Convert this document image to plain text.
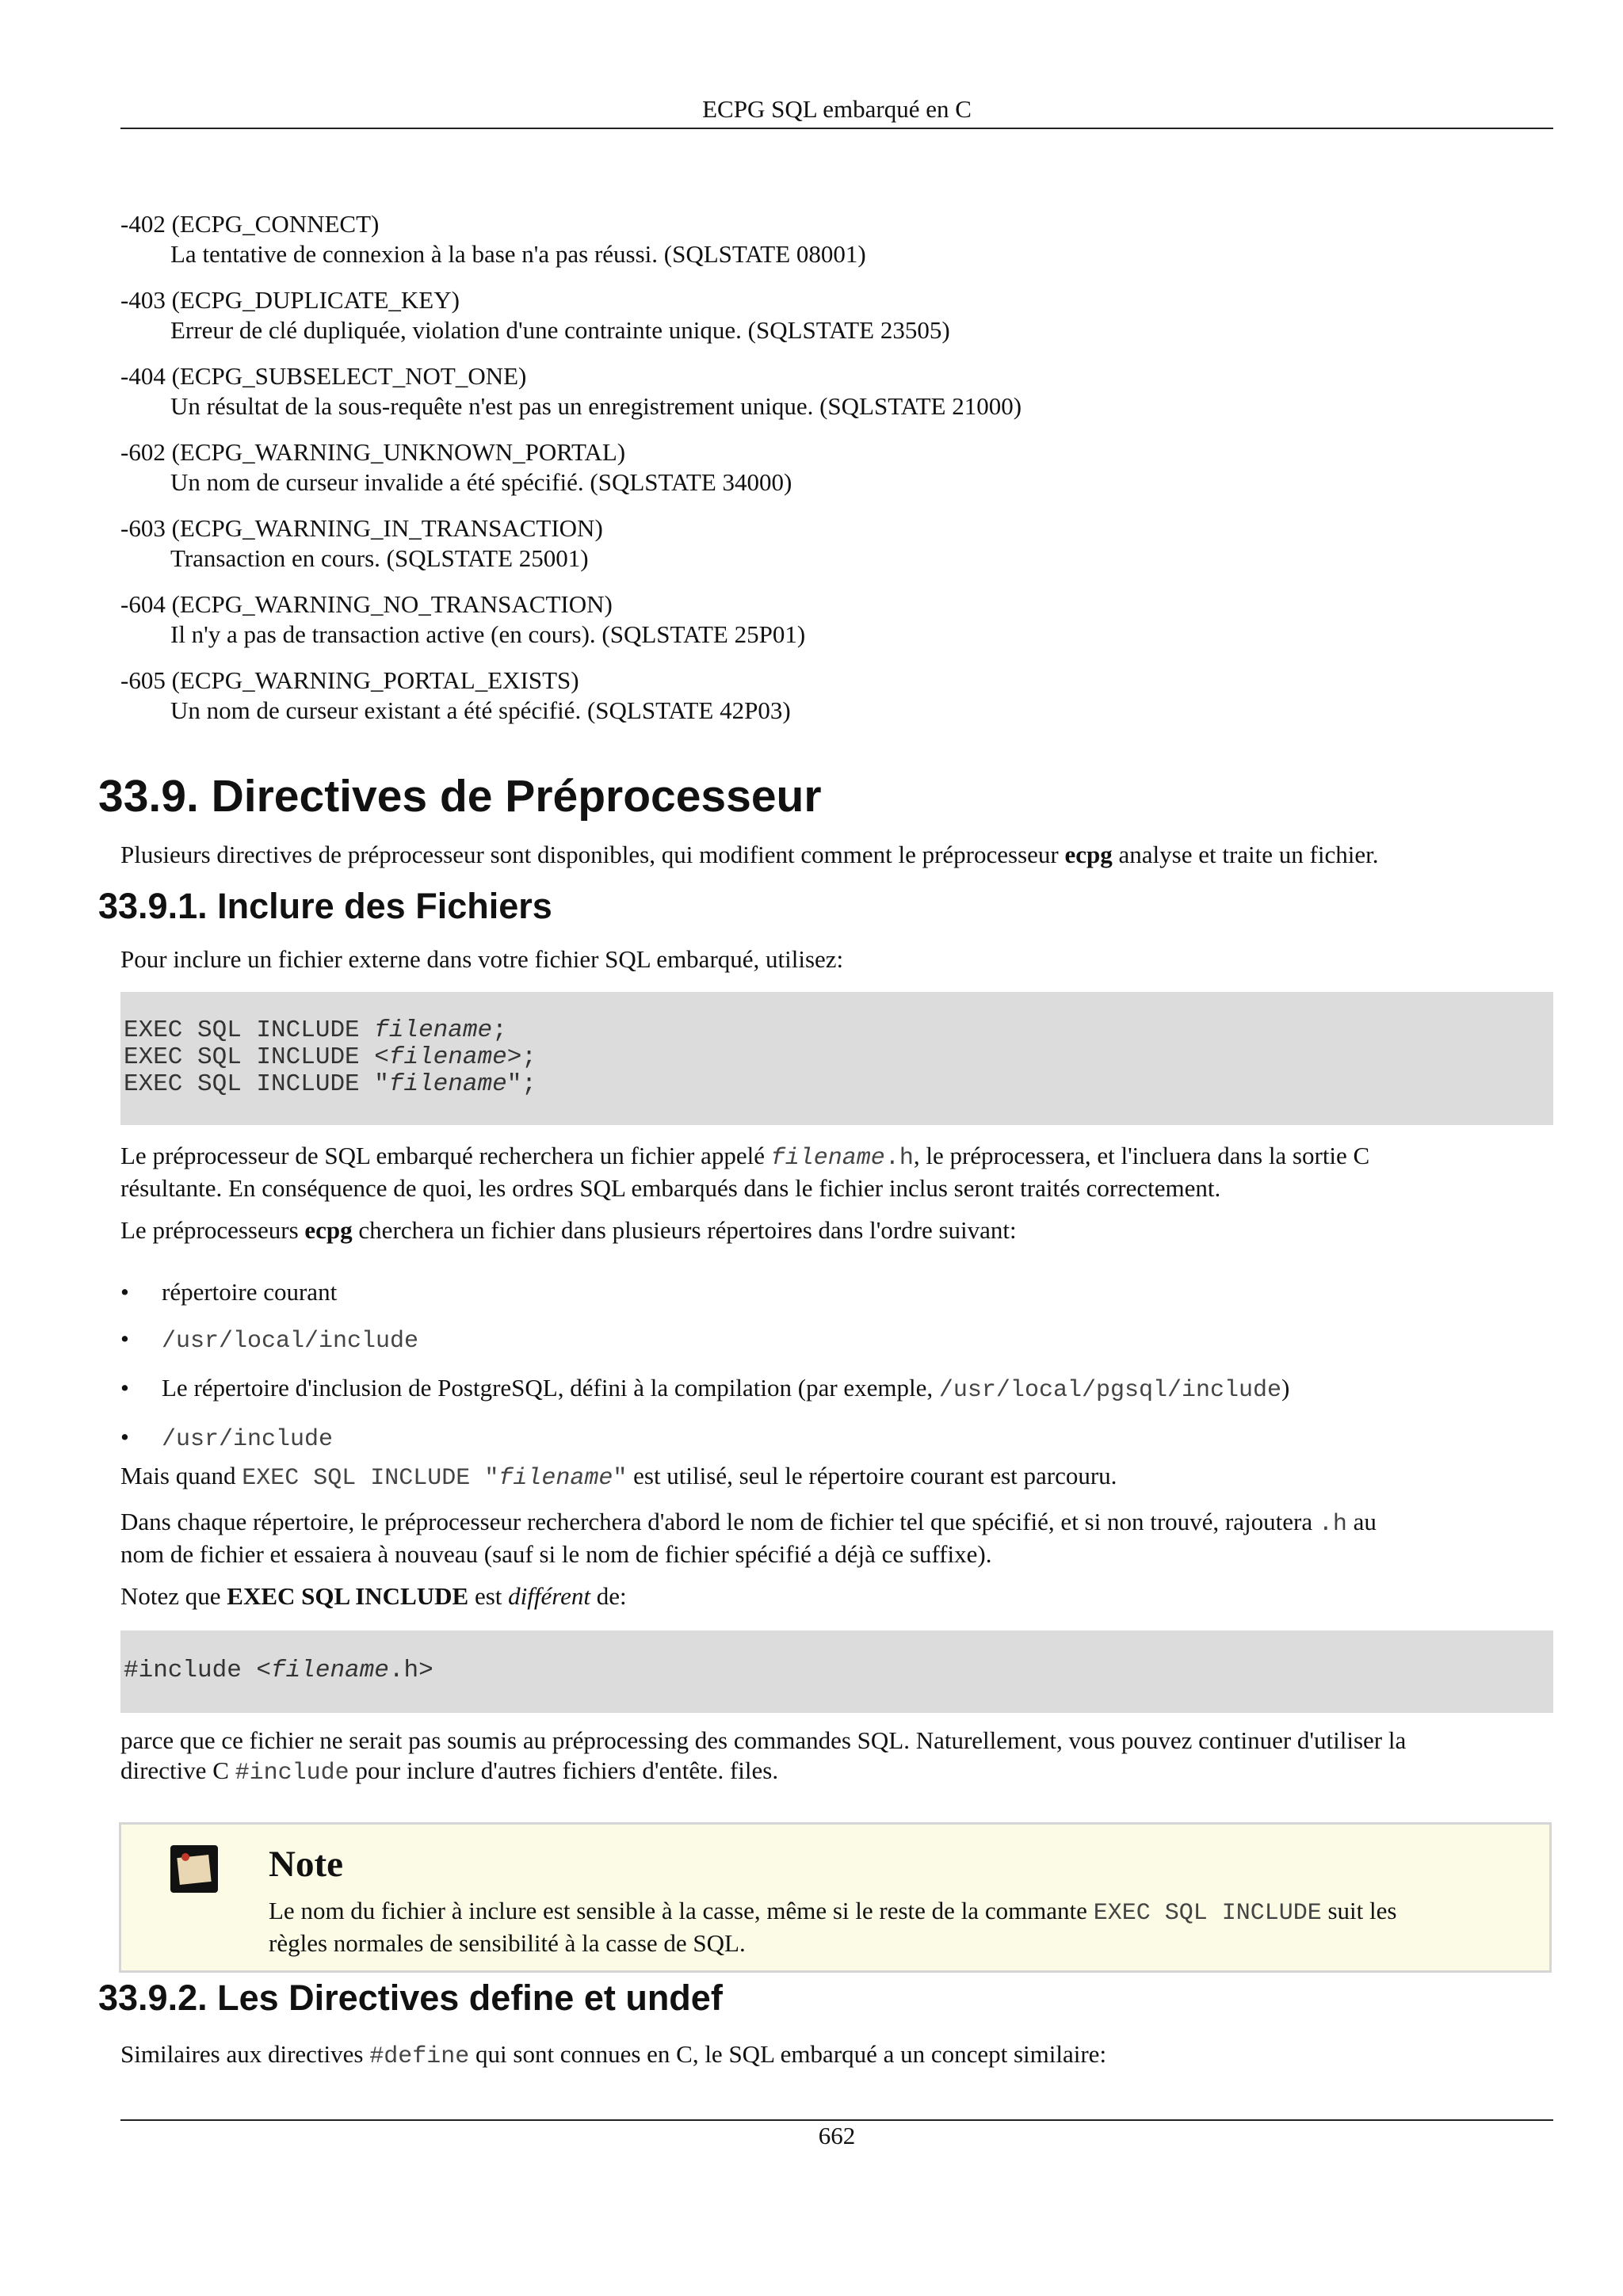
ECPG SQL embarqué en C
-402 (ECPG_CONNECT)
La tentative de connexion à la base n'a pas réussi. (SQLSTATE 08001)
-403 (ECPG_DUPLICATE_KEY)
Erreur de clé dupliquée, violation d'une contrainte unique. (SQLSTATE 23505)
-404 (ECPG_SUBSELECT_NOT_ONE)
Un résultat de la sous-requête n'est pas un enregistrement unique. (SQLSTATE 21000)
-602 (ECPG_WARNING_UNKNOWN_PORTAL)
Un nom de curseur invalide a été spécifié. (SQLSTATE 34000)
-603 (ECPG_WARNING_IN_TRANSACTION)
Transaction en cours. (SQLSTATE 25001)
-604 (ECPG_WARNING_NO_TRANSACTION)
Il n'y a pas de transaction active (en cours). (SQLSTATE 25P01)
-605 (ECPG_WARNING_PORTAL_EXISTS)
Un nom de curseur existant a été spécifié. (SQLSTATE 42P03)
33.9. Directives de Préprocesseur

Plusieurs directives de préprocesseur sont disponibles, qui modifient comment le préprocesseur ecpg analyse et traite un fichier.

33.9.1. Inclure des Fichiers

Pour inclure un fichier externe dans votre fichier SQL embarqué, utilisez:

EXEC SQL INCLUDE filename;
EXEC SQL INCLUDE <filename>;
EXEC SQL INCLUDE "filename";

Le préprocesseur de SQL embarqué recherchera un fichier appelé filename.h, le préprocessera, et l'incluera dans la sortie C
résultante. En conséquence de quoi, les ordres SQL embarqués dans le fichier inclus seront traités correctement.

Le préprocesseurs ecpg cherchera un fichier dans plusieurs répertoires dans l'ordre suivant:

• répertoire courant
• /usr/local/include
• Le répertoire d'inclusion de PostgreSQL, défini à la compilation (par exemple, /usr/local/pgsql/include)
• /usr/include

Mais quand EXEC SQL INCLUDE "filename" est utilisé, seul le répertoire courant est parcouru.

Dans chaque répertoire, le préprocesseur recherchera d'abord le nom de fichier tel que spécifié, et si non trouvé, rajoutera .h au
nom de fichier et essaiera à nouveau (sauf si le nom de fichier spécifié a déjà ce suffixe).

Notez que EXEC SQL INCLUDE est différent de:

#include <filename.h>

parce que ce fichier ne serait pas soumis au préprocessing des commandes SQL. Naturellement, vous pouvez continuer d'utiliser la
directive C #include pour inclure d'autres fichiers d'entête. files.

Note

Le nom du fichier à inclure est sensible à la casse, même si le reste de la commante EXEC SQL INCLUDE suit les
règles normales de sensibilité à la casse de SQL.

33.9.2. Les Directives define et undef

Similaires aux directives #define qui sont connues en C, le SQL embarqué a un concept similaire:

662
